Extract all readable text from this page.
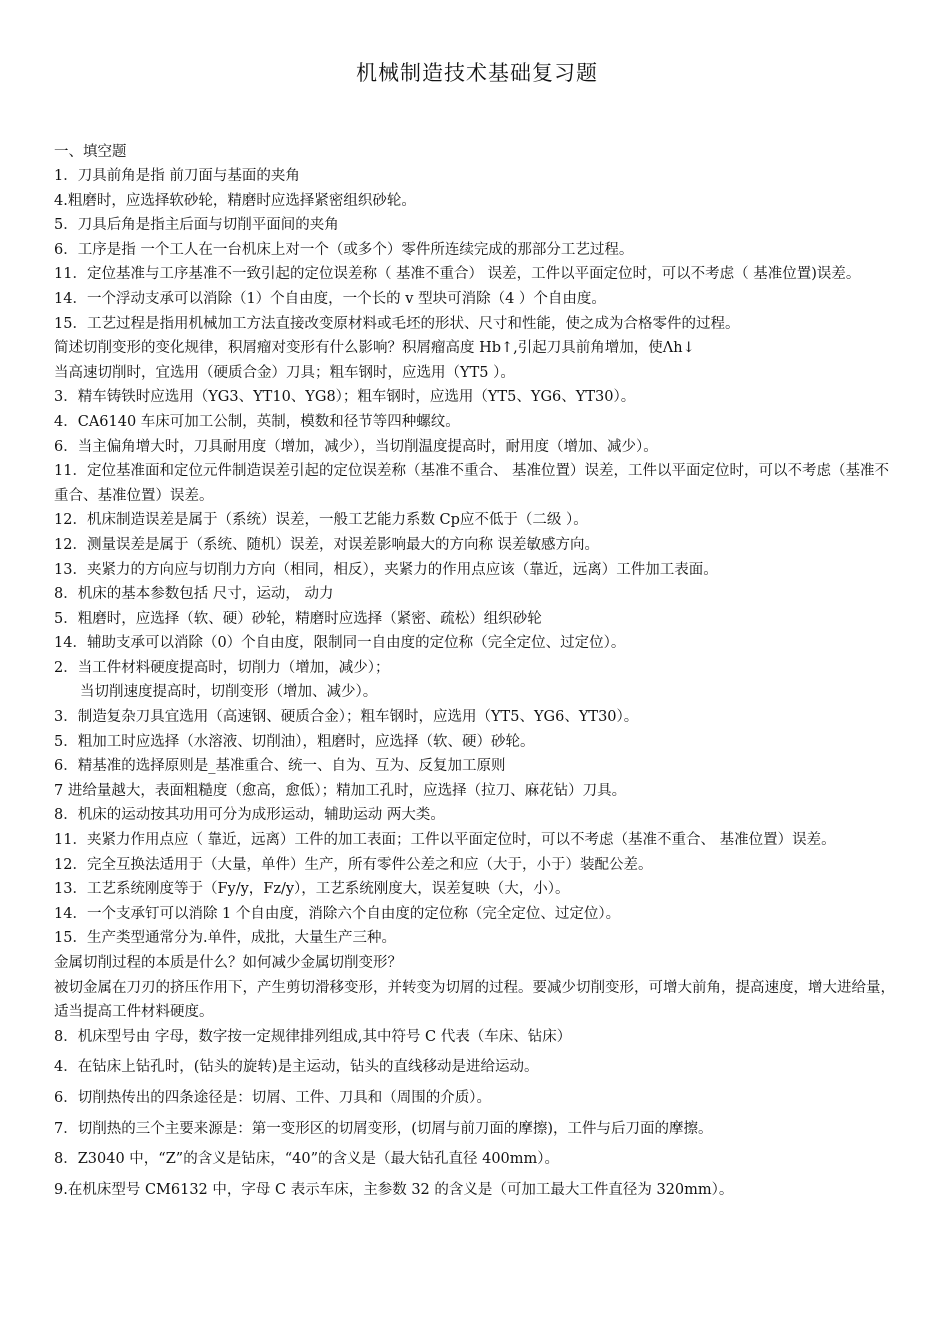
机械制造技术基础复习题

一、填空题

1．刀具前角是指 前刀面与基面的夹角

4.粗磨时，应选择软砂轮，精磨时应选择紧密组织砂轮。

5．刀具后角是指主后面与切削平面间的夹角

6．工序是指 一个工人在一台机床上对一个（或多个）零件所连续完成的那部分工艺过程。

11．定位基准与工序基准不一致引起的定位误差称（ 基准不重合） 误差，工件以平面定位时，可以不考虑（ 基准位置)误差。

14．一个浮动支承可以消除（1）个自由度，一个长的 v 型块可消除（4 ）个自由度。

15．工艺过程是指用机械加工方法直接改变原材料或毛坯的形状、尺寸和性能，使之成为合格零件的过程。

简述切削变形的变化规律，积屑瘤对变形有什么影响？积屑瘤高度 Hb↑,引起刀具前角增加，使Λh↓

当高速切削时，宜选用（硬质合金）刀具；粗车钢时，应选用（YT5 ）。

3．精车铸铁时应选用（YG3、YT10、YG8）；粗车钢时，应选用（YT5、YG6、YT30）。

4．CA6140 车床可加工公制，英制，模数和径节等四种螺纹。

6．当主偏角增大时，刀具耐用度（增加，减少），当切削温度提高时，耐用度（增加、减少）。

11．定位基准面和定位元件制造误差引起的定位误差称（基准不重合、 基准位置）误差，工件以平面定位时，可以不考虑（基准不重合、基准位置）误差。

12．机床制造误差是属于（系统）误差，一般工艺能力系数 Cp应不低于（二级 ）。

12．测量误差是属于（系统、随机）误差，对误差影响最大的方向称 误差敏感方向。

13．夹紧力的方向应与切削力方向（相同，相反），夹紧力的作用点应该（靠近，远离）工件加工表面。

8．机床的基本参数包括 尺寸，运动， 动力

5．粗磨时，应选择（软、硬）砂轮，精磨时应选择（紧密、疏松）组织砂轮

14．辅助支承可以消除（0）个自由度，限制同一自由度的定位称（完全定位、过定位）。

2．当工件材料硬度提高时，切削力（增加，减少）；

当切削速度提高时，切削变形（增加、减少）。

3．制造复杂刀具宜选用（高速钢、硬质合金）；粗车钢时，应选用（YT5、YG6、YT30）。

5．粗加工时应选择（水溶液、切削油），粗磨时，应选择（软、硬）砂轮。

6．精基准的选择原则是_基准重合、统一、自为、互为、反复加工原则

7 进给量越大，表面粗糙度（愈高，愈低）；精加工孔时，应选择（拉刀、麻花钻）刀具。

8．机床的运动按其功用可分为成形运动，辅助运动 两大类。

11．夹紧力作用点应（ 靠近，远离）工件的加工表面；工件以平面定位时，可以不考虑（基准不重合、 基准位置）误差。

12．完全互换法适用于（大量，单件）生产，所有零件公差之和应（大于，小于）装配公差。

13．工艺系统刚度等于（Fy/y，Fz/y），工艺系统刚度大，误差复映（大，小）。

14．一个支承钉可以消除 1 个自由度，消除六个自由度的定位称（完全定位、过定位）。

15．生产类型通常分为.单件，成批，大量生产三种。

金属切削过程的本质是什么？如何减少金属切削变形？

被切金属在刀刃的挤压作用下，产生剪切滑移变形，并转变为切屑的过程。要减少切削变形，可增大前角，提高速度，增大进给量，适当提高工件材料硬度。

8．机床型号由 字母，数字按一定规律排列组成,其中符号 C 代表（车床、钻床）

4．在钻床上钻孔时，(钻头的旋转)是主运动，钻头的直线移动是进给运动。

6．切削热传出的四条途径是：切屑、工件、刀具和（周围的介质）。

7．切削热的三个主要来源是：第一变形区的切屑变形，(切屑与前刀面的摩擦)，工件与后刀面的摩擦。

8．Z3040 中，“Z”的含义是钻床，“40”的含义是（最大钻孔直径 400mm）。

9.在机床型号 CM6132 中，字母 C 表示车床，主参数 32 的含义是（可加工最大工件直径为 320mm）。
